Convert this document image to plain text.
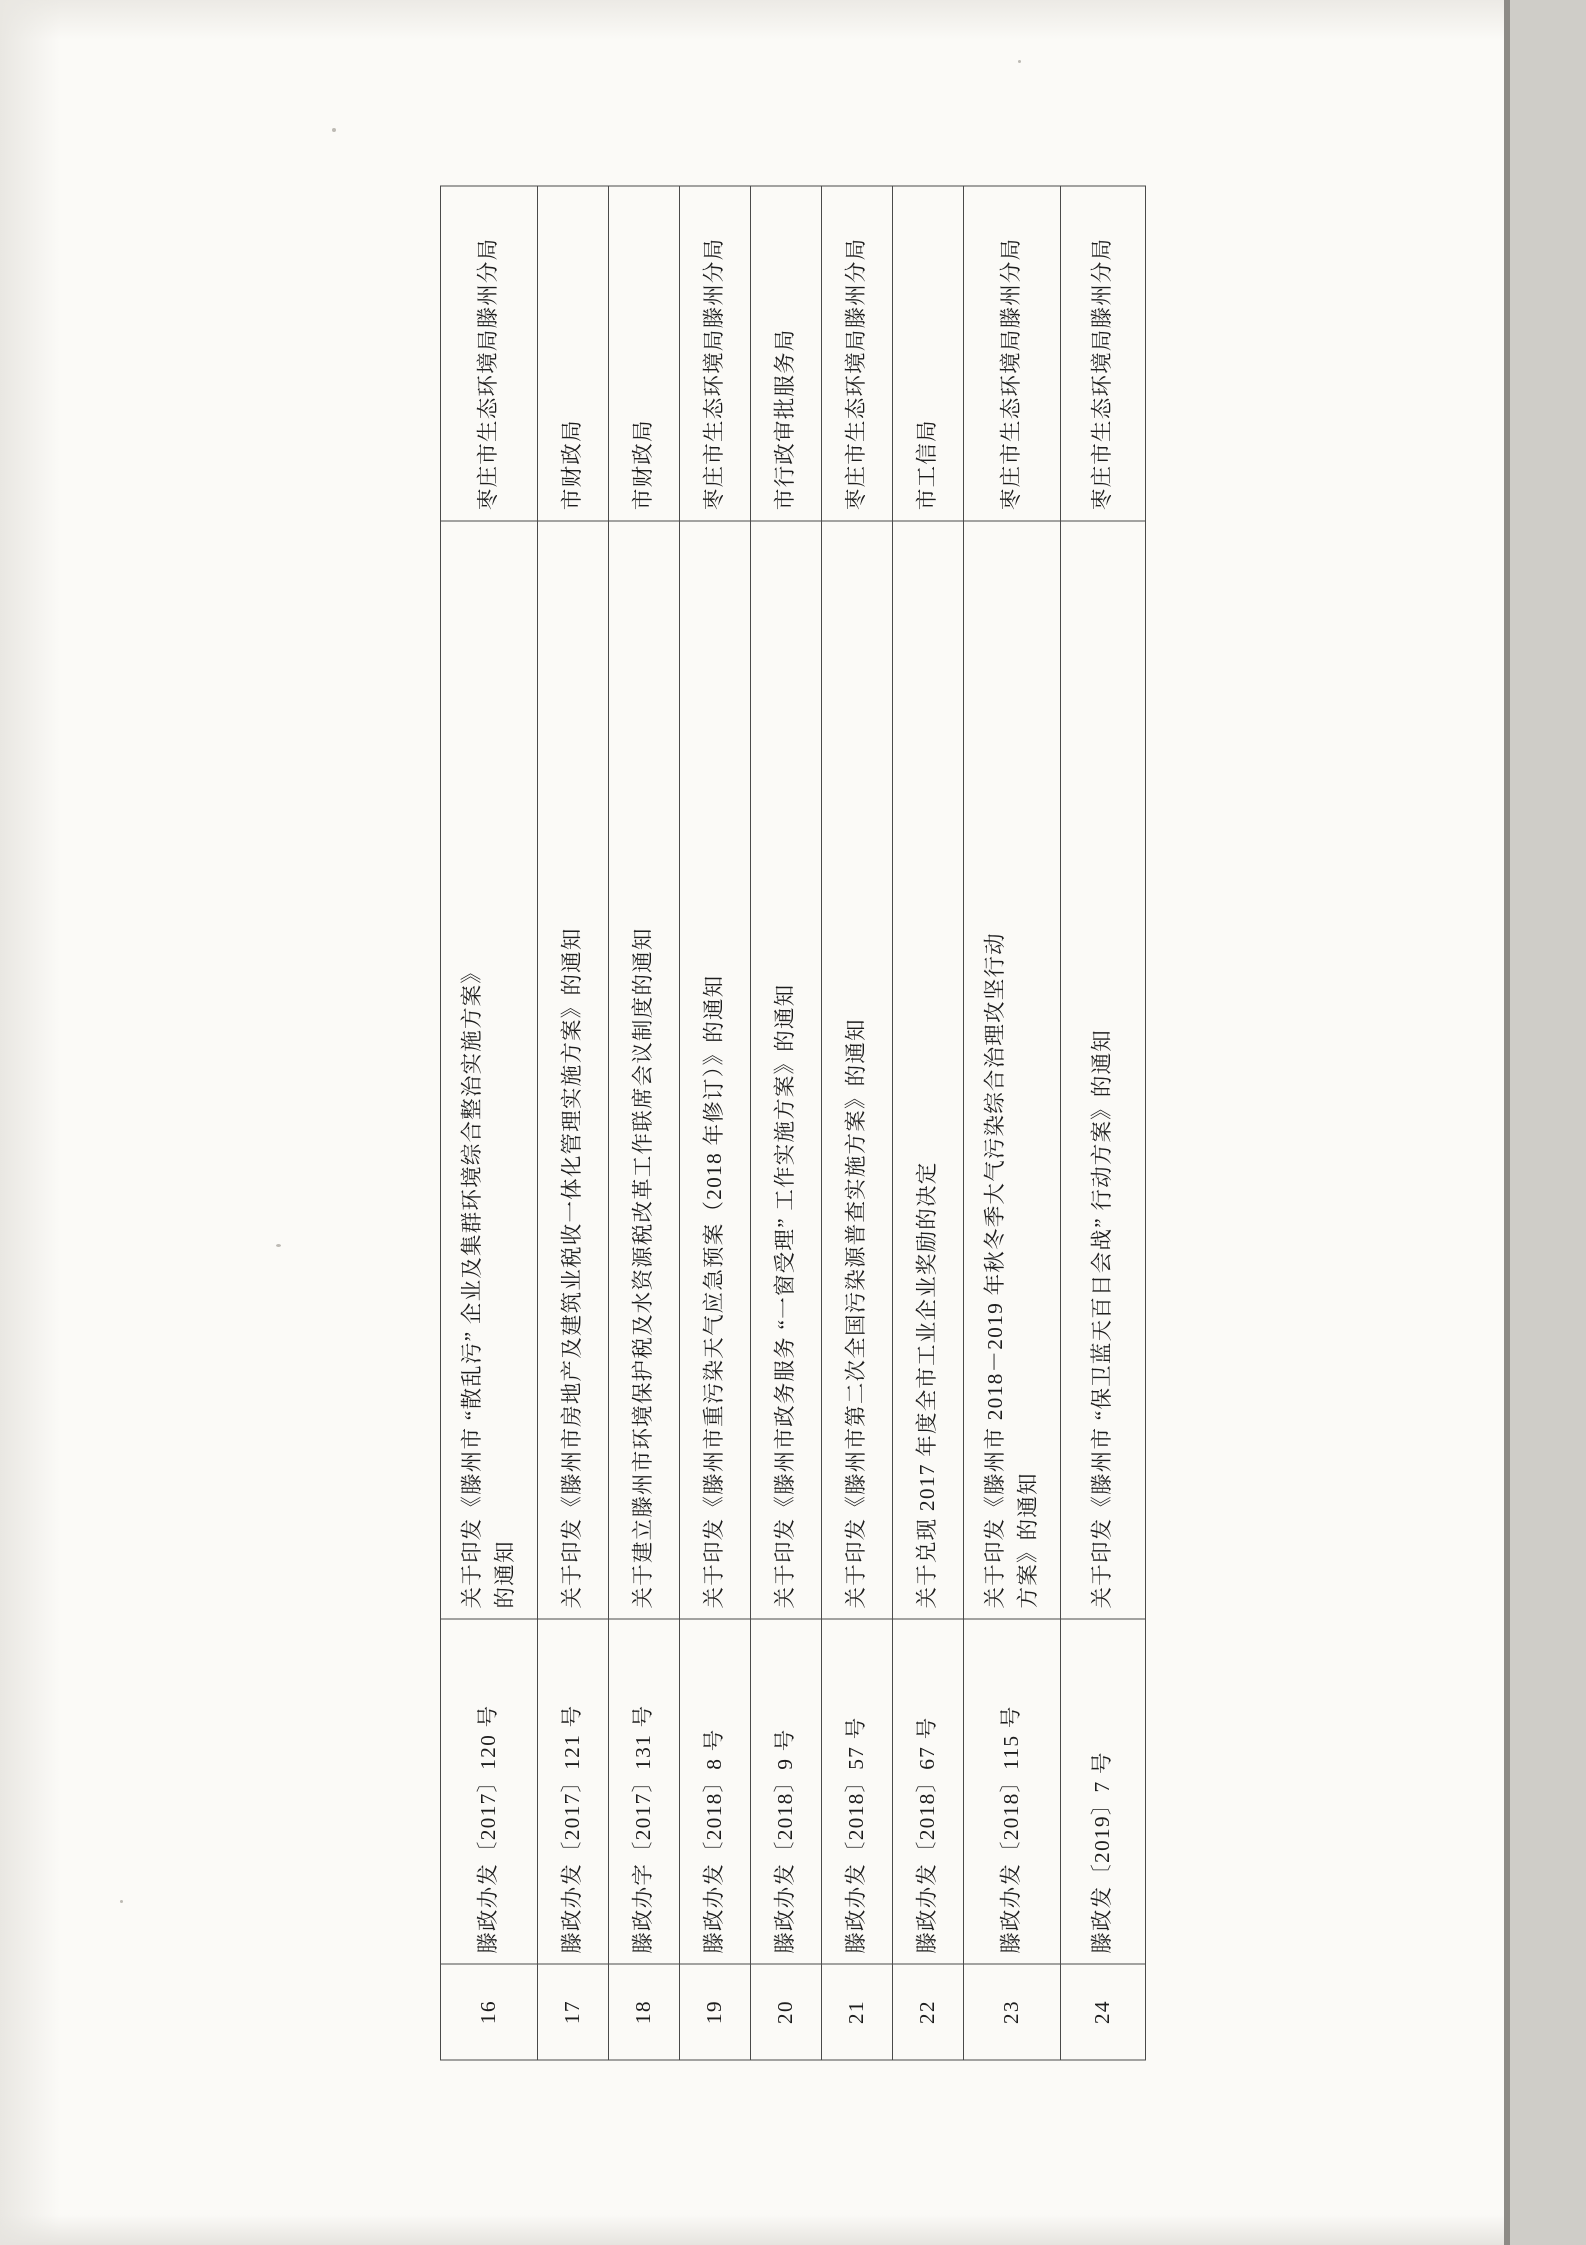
16	滕政办发〔2017〕120 号	关于印发《滕州市 “散乱污” 企业及集群环境综合整治实施方案》 的通知	枣庄市生态环境局滕州分局
17	滕政办发〔2017〕121 号	关于印发《滕州市房地产及建筑业税收一体化管理实施方案》的通知	市财政局
18	滕政办字〔2017〕131 号	关于建立滕州市环境保护税及水资源税改革工作联席会议制度的通知	市财政局
19	滕政办发〔2018〕8 号	关于印发《滕州市重污染天气应急预案（2018 年修订）》的通知	枣庄市生态环境局滕州分局
20	滕政办发〔2018〕9 号	关于印发《滕州市政务服务 “一窗受理” 工作实施方案》的通知	市行政审批服务局
21	滕政办发〔2018〕57 号	关于印发《滕州市第二次全国污染源普查实施方案》的通知	枣庄市生态环境局滕州分局
22	滕政办发〔2018〕67 号	关于兑现 2017 年度全市工业企业奖励的决定	市工信局
23	滕政办发〔2018〕115 号	关于印发《滕州市 2018－2019 年秋冬季大气污染综合治理攻坚行动 方案》的通知	枣庄市生态环境局滕州分局
24	滕政发〔2019〕7 号	关于印发《滕州市 “保卫蓝天百日会战” 行动方案》的通知	枣庄市生态环境局滕州分局
